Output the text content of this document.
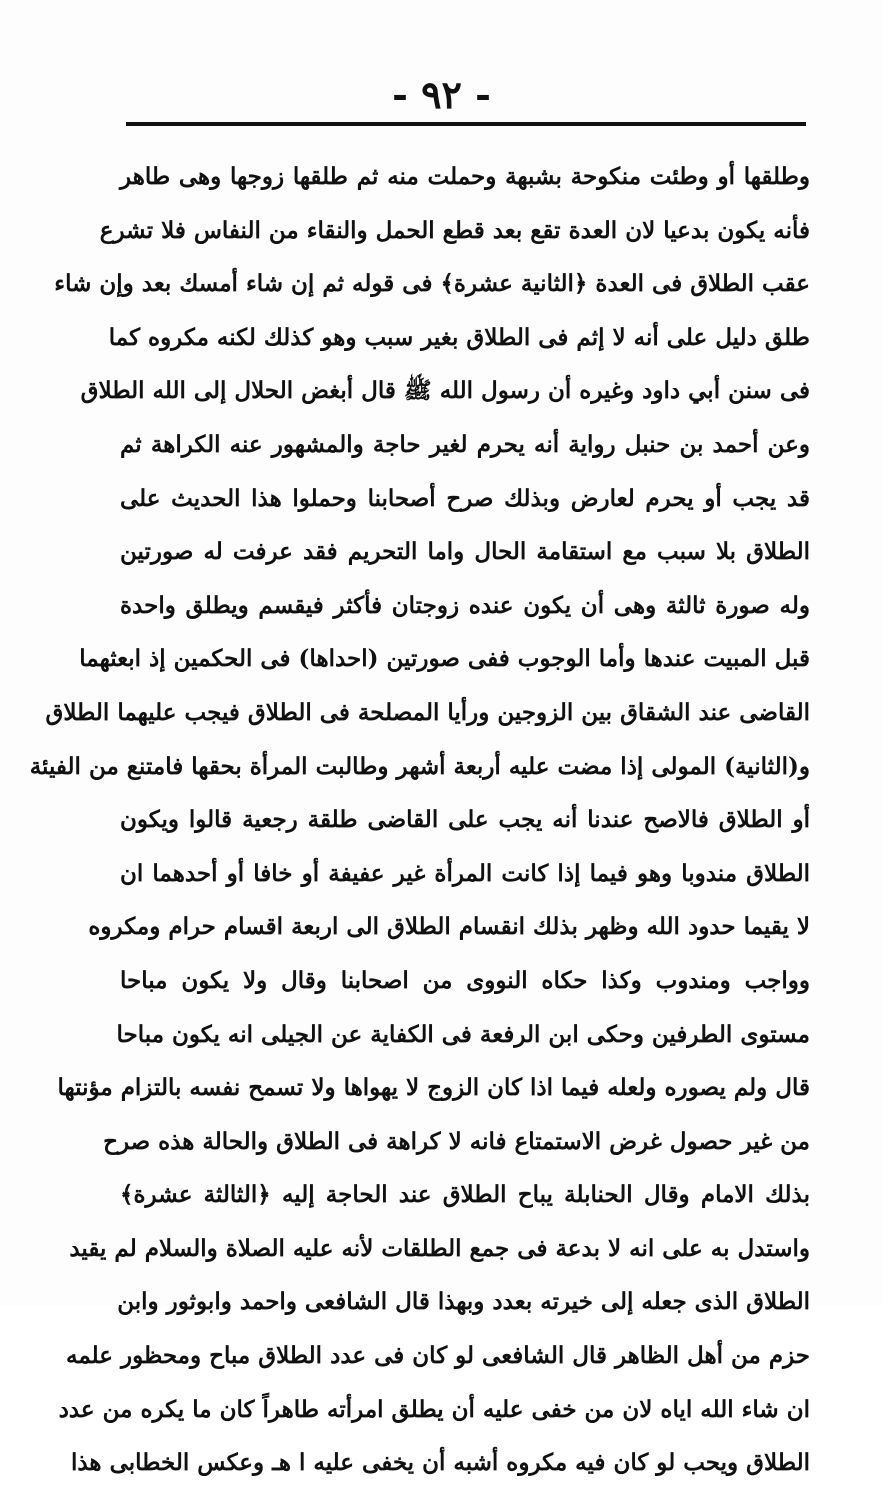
- ٩٢ -
وطلقها أو وطئت منكوحة بشبهة وحملت منه ثم طلقها زوجها وهى طاهر
فأنه يكون بدعيا لان العدة تقع بعد قطع الحمل والنقاء من النفاس فلا تشرع
عقب الطلاق فى العدة ﴿الثانية عشرة﴾ فى قوله ثم إن شاء أمسك بعد وإن شاء
طلق دليل على أنه لا إثم فى الطلاق بغير سبب وهو كذلك لكنه مكروه كما
فى سنن أبي داود وغيره أن رسول الله ﷺ قال أبغض الحلال إلى الله الطلاق
وعن أحمد بن حنبل رواية أنه يحرم لغير حاجة والمشهور عنه الكراهة ثم
قد يجب أو يحرم لعارض وبذلك صرح أصحابنا وحملوا هذا الحديث على
الطلاق بلا سبب مع استقامة الحال واما التحريم فقد عرفت له صورتين
وله صورة ثالثة وهى أن يكون عنده زوجتان فأكثر فيقسم ويطلق واحدة
قبل المبيت عندها وأما الوجوب ففى صورتين (احداها) فى الحكمين إذ ابعثهما
القاضى عند الشقاق بين الزوجين ورأيا المصلحة فى الطلاق فيجب عليهما الطلاق
و(الثانية) المولى إذا مضت عليه أربعة أشهر وطالبت المرأة بحقها فامتنع من الفيئة
أو الطلاق فالاصح عندنا أنه يجب على القاضى طلقة رجعية قالوا ويكون
الطلاق مندوبا وهو فيما إذا كانت المرأة غير عفيفة أو خافا أو أحدهما ان
لا يقيما حدود الله وظهر بذلك انقسام الطلاق الى اربعة اقسام حرام ومكروه
وواجب ومندوب وكذا حكاه النووى من اصحابنا وقال ولا يكون مباحا
مستوى الطرفين وحكى ابن الرفعة فى الكفاية عن الجيلى انه يكون مباحا
قال ولم يصوره ولعله فيما اذا كان الزوج لا يهواها ولا تسمح نفسه بالتزام مؤنتها
من غير حصول غرض الاستمتاع فانه لا كراهة فى الطلاق والحالة هذه صرح
بذلك الامام وقال الحنابلة يباح الطلاق عند الحاجة إليه ﴿الثالثة عشرة﴾
واستدل به على انه لا بدعة فى جمع الطلقات لأنه عليه الصلاة والسلام لم يقيد
الطلاق الذى جعله إلى خيرته بعدد وبهذا قال الشافعى واحمد وابوثور وابن
حزم من أهل الظاهر قال الشافعى لو كان فى عدد الطلاق مباح ومحظور علمه
ان شاء الله اياه لان من خفى عليه أن يطلق امرأته طاهراً كان ما يكره من عدد
الطلاق ويحب لو كان فيه مكروه أشبه أن يخفى عليه ا هـ وعكس الخطابى هذا
